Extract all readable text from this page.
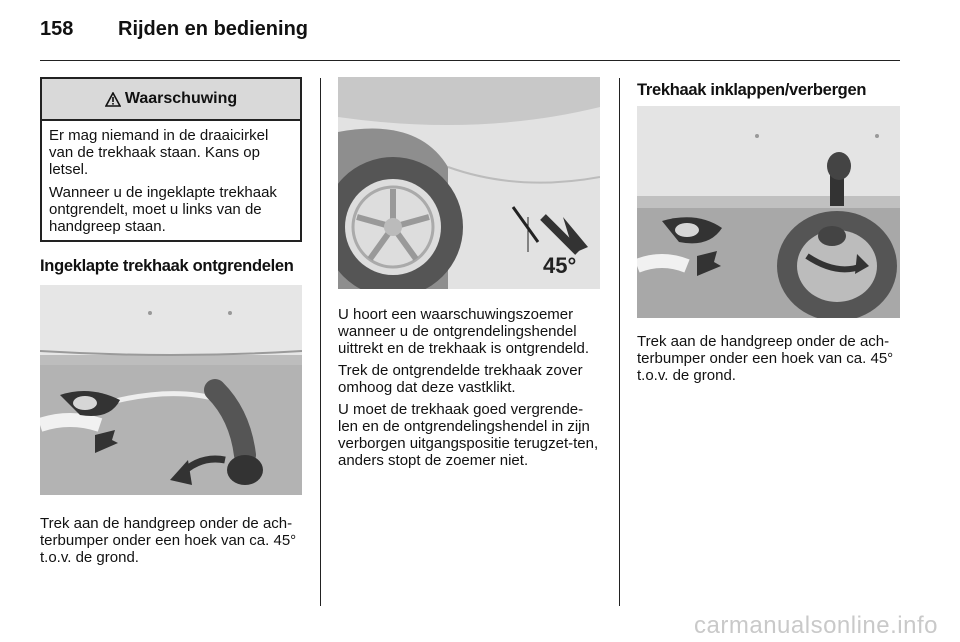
158	Rijden en bediening
Waarschuwing

Er mag niemand in de draaicirkel van de trekhaak staan. Kans op letsel.

Wanneer u de ingeklapte trekhaak ontgrendelt, moet u links van de handgreep staan.

Ingeklapte trekhaak ontgrendelen
Trek aan de handgreep onder de ach-terbumper onder een hoek van ca. 45° t.o.v. de grond.
45°

U hoort een waarschuwingszoemer wanneer u de ontgrendelingshendel uittrekt en de trekhaak is ontgrendeld.

Trek de ontgrendelde trekhaak zover omhoog dat deze vastklikt.

U moet de trekhaak goed vergrende-len en de ontgrendelingshendel in zijn verborgen uitgangspositie terugzet-ten, anders stopt de zoemer niet.

Trekhaak inklappen/verbergen
Trek aan de handgreep onder de ach-terbumper onder een hoek van ca. 45° t.o.v. de grond.
carmanualsonline.info
